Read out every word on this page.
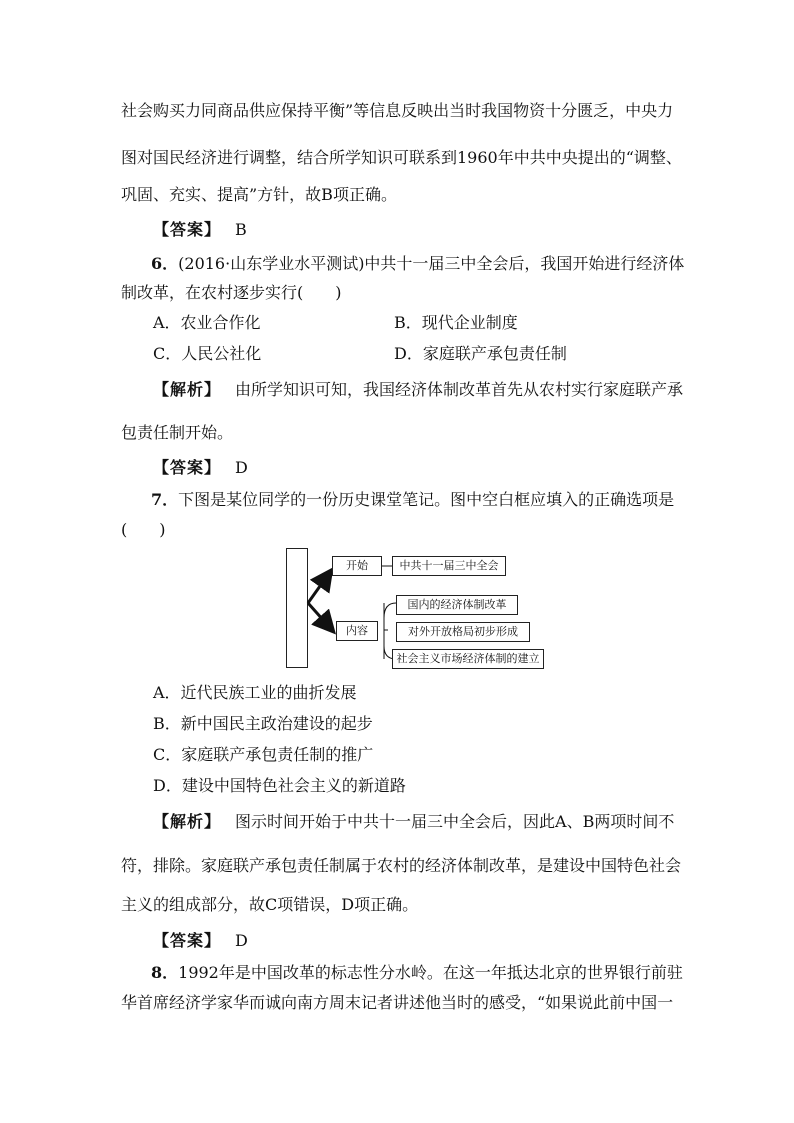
社会购买力同商品供应保持平衡”等信息反映出当时我国物资十分匮乏，中央力
图对国民经济进行调整，结合所学知识可联系到1960年中共中央提出的“调整、
巩固、充实、提高”方针，故B项正确。
【答案】 B
6．(2016·山东学业水平测试)中共十一届三中全会后，我国开始进行经济体
制改革，在农村逐步实行(　　)
A．农业合作化	B．现代企业制度
C．人民公社化	D．家庭联产承包责任制
【解析】 由所学知识可知，我国经济体制改革首先从农村实行家庭联产承
包责任制开始。
【答案】 D
7．下图是某位同学的一份历史课堂笔记。图中空白框应填入的正确选项是
(　　)
开始	中共十一届三中全会
内容
国内的经济体制改革
对外开放格局初步形成
社会主义市场经济体制的建立
A．近代民族工业的曲折发展
B．新中国民主政治建设的起步
C．家庭联产承包责任制的推广
D．建设中国特色社会主义的新道路
【解析】 图示时间开始于中共十一届三中全会后，因此A、B两项时间不
符，排除。家庭联产承包责任制属于农村的经济体制改革，是建设中国特色社会
主义的组成部分，故C项错误，D项正确。
【答案】 D
8．1992年是中国改革的标志性分水岭。在这一年抵达北京的世界银行前驻
华首席经济学家华而诚向南方周末记者讲述他当时的感受，“如果说此前中国一
